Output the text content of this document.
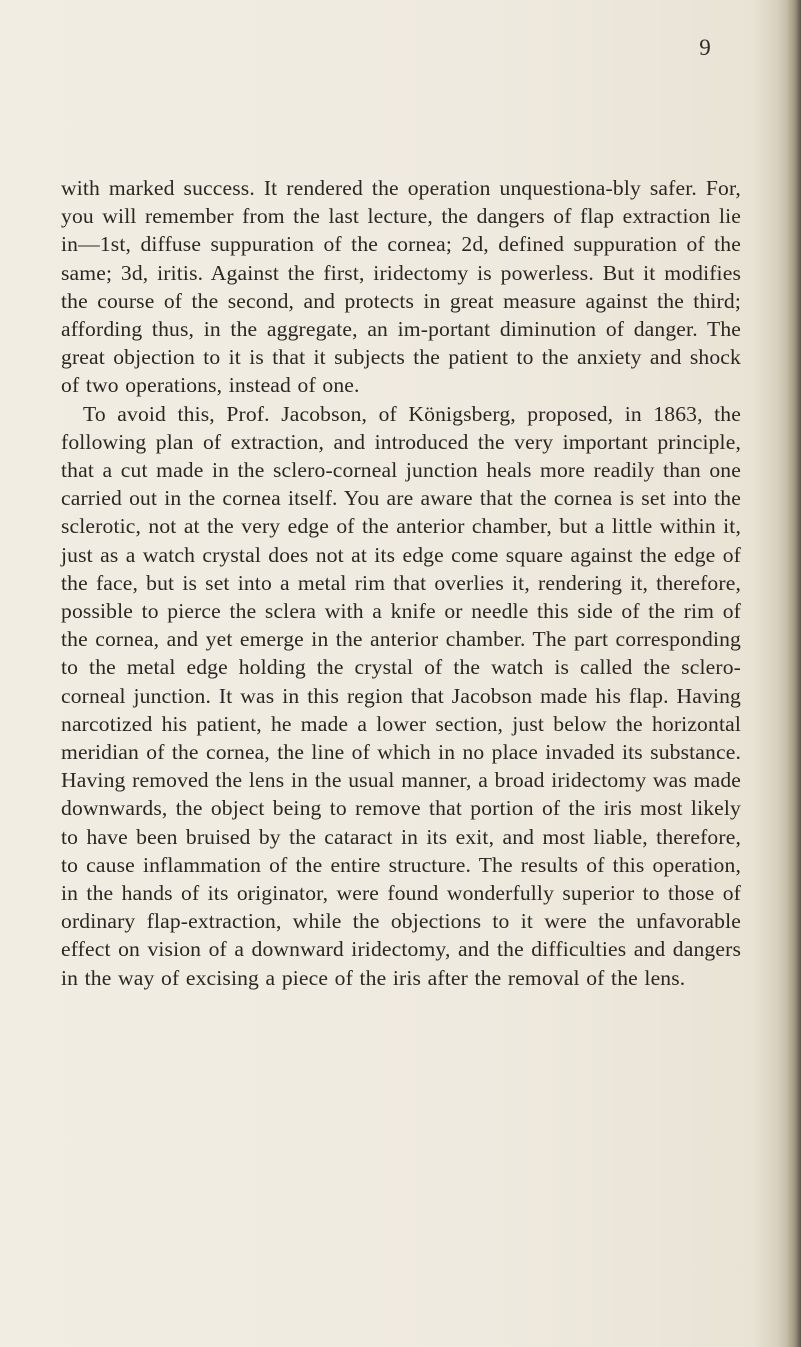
9

with marked success. It rendered the operation unquestiona-bly safer. For, you will remember from the last lecture, the dangers of flap extraction lie in—1st, diffuse suppuration of the cornea; 2d, defined suppuration of the same; 3d, iritis. Against the first, iridectomy is powerless. But it modifies the course of the second, and protects in great measure against the third; affording thus, in the aggregate, an im-portant diminution of danger. The great objection to it is that it subjects the patient to the anxiety and shock of two operations, instead of one.

To avoid this, Prof. Jacobson, of Königsberg, proposed, in 1863, the following plan of extraction, and introduced the very important principle, that a cut made in the sclero-corneal junction heals more readily than one carried out in the cornea itself. You are aware that the cornea is set into the sclerotic, not at the very edge of the anterior chamber, but a little within it, just as a watch crystal does not at its edge come square against the edge of the face, but is set into a metal rim that overlies it, rendering it, therefore, possible to pierce the sclera with a knife or needle this side of the rim of the cornea, and yet emerge in the anterior chamber. The part corresponding to the metal edge holding the crystal of the watch is called the sclero-corneal junction. It was in this region that Jacobson made his flap. Having narcotized his patient, he made a lower section, just below the horizontal meridian of the cornea, the line of which in no place invaded its substance. Having removed the lens in the usual manner, a broad iridectomy was made downwards, the object being to remove that portion of the iris most likely to have been bruised by the cataract in its exit, and most liable, therefore, to cause inflammation of the entire structure. The results of this operation, in the hands of its originator, were found wonderfully superior to those of ordinary flap-extraction, while the objections to it were the unfavorable effect on vision of a downward iridectomy, and the difficulties and dangers in the way of excising a piece of the iris after the removal of the lens.
